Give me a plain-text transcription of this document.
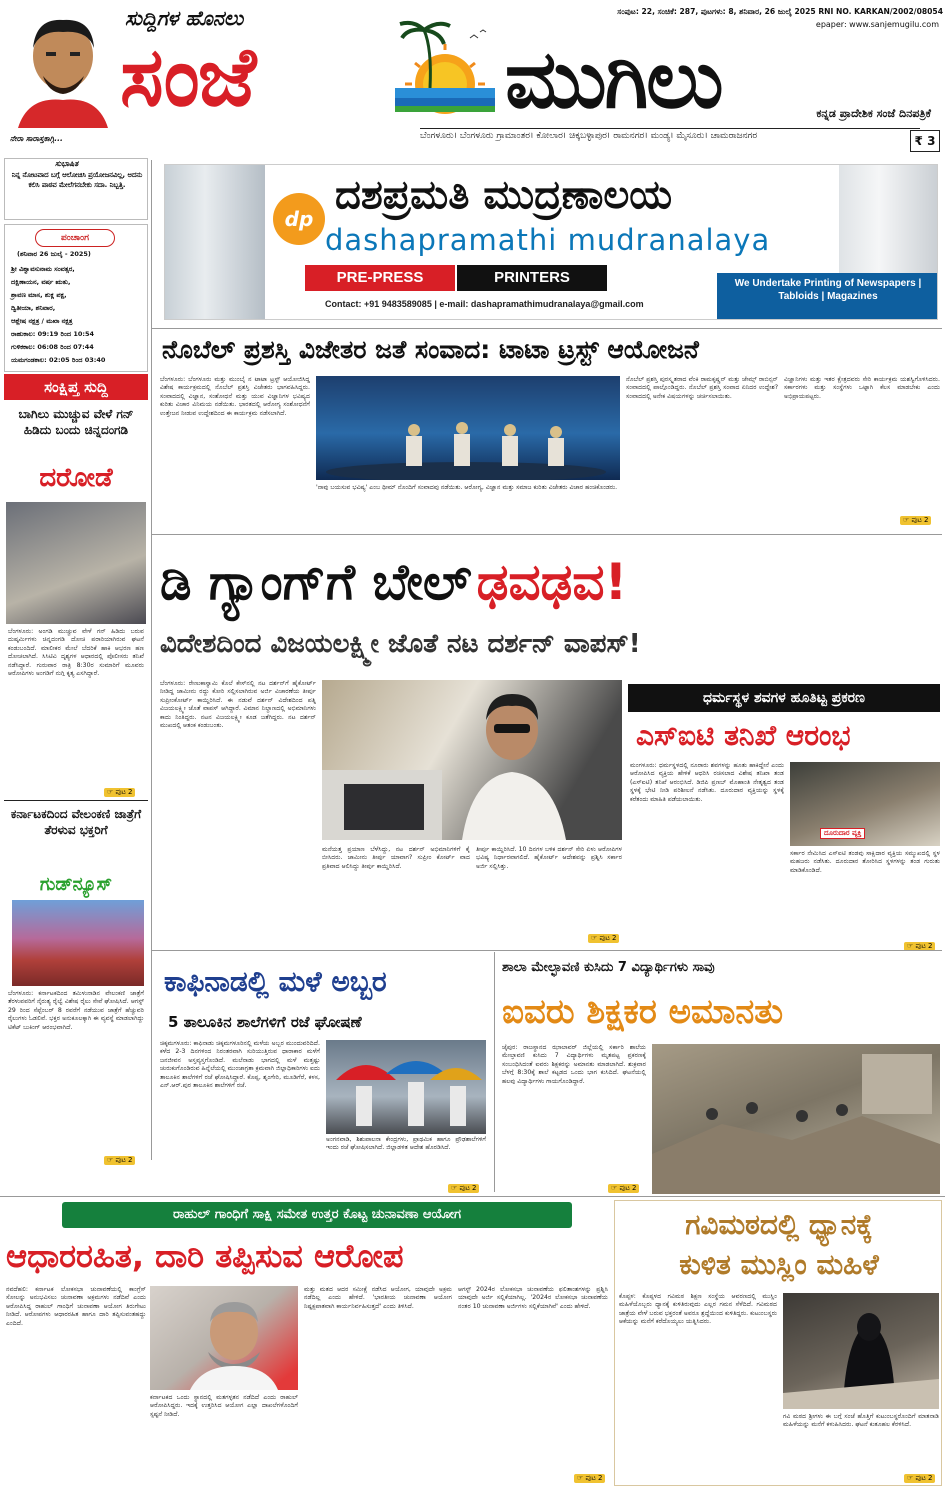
ನೇರಾ ಸಾರಾಸ್ತಕಾಗ್ಗಿ...
ಸುದ್ದಿಗಳ ಹೊನಲು
ಸಂಜೆ	ಮುಗಿಲು
ಸಂಪುಟ: 22, ಸಂಚಿಕೆ: 287, ಪುಟಗಳು: 8, ಶನಿವಾರ, 26 ಜುಲೈ 2025 RNI NO. KARKAN/2002/08054
epaper: www.sanjemugilu.com
ಕನ್ನಡ ಪ್ರಾದೇಶಿಕ ಸಂಜೆ ದಿನಪತ್ರಿಕೆ
ಬೆಂಗಳೂರು। ಬೆಂಗಳೂರು ಗ್ರಾಮಾಂತರ। ಕೋಲಾರ। ಚಿಕ್ಕಬಳ್ಳಾಪುರ। ರಾಮನಗರ। ಮಂಡ್ಯ। ಮೈಸೂರು। ಚಾಮರಾಜನಗರ	₹ 3
ಸುಭಾಷಿತ
ನಿನ್ನ ನೋಟವಾದ ಬಗ್ಗೆ ಆಲೋಚಿಸಿ ಪ್ರಯೋಜನವಿಲ್ಲ, ಅದನು ಕಲಿಸಿ ಪಾಠವ ಮೇಲೆಗನಬೇಕು ಸದಾ. ನಿಬ್ಬತ್ತಿ.
ಪಂಚಾಂಗ
(ಶನಿವಾರ 26 ಜುಲೈ - 2025)
ಶ್ರೀ ವಿಶ್ವಾವಸುನಾಮ ಸಂವತ್ಸರ,
ದಕ್ಷಿಣಾಯನ, ವರ್ಷ ಋತು,
ಶ್ರಾವಣ ಮಾಸ, ಶುಕ್ಲ ಪಕ್ಷ,
ದ್ವಿತೀಯಾ, ಶನಿವಾರ,
ಆಶ್ಲೇಷ ನಕ್ಷತ್ರ / ಮಖಾ ನಕ್ಷತ್ರ
ರಾಹುಕಾಲ: 09:19 ರಿಂದ 10:54
ಗುಳಿಕಕಾಲ: 06:08 ರಿಂದ 07:44
ಯಮಗಂಡಕಾಲ: 02:05 ರಿಂದ 03:40
ಸಂಕ್ಷಿಪ್ತ ಸುದ್ದಿ
ಬಾಗಿಲು ಮುಚ್ಚುವ ವೇಳೆ ಗನ್ ಹಿಡಿದು ಬಂದು ಚಿನ್ನದಂಗಡಿ
ದರೋಡೆ
ಬೆಂಗಳೂರು: ಅಂಗಡಿ ಮುಚ್ಚುವ ವೇಳೆ ಗನ್ ಹಿಡಿದು ಬರುವ ದುಷ್ಕರ್ಮಿಗಳು ಚಿನ್ನದಂಗಡಿ ದೋಚಿ ಪರಾರಿಯಾಗಿರುವ ಘಟನೆ ಕಂಡುಬಂದಿದೆ. ಮಾಲೀಕರ ಮೇಲೆ ಬೆದರಿಕೆ ಹಾಕಿ ಆಭರಣ ಹಣ ದೋಚಲಾಗಿದೆ. ಸಿಸಿಟಿವಿ ದೃಶ್ಯಗಳ ಆಧಾರದಲ್ಲಿ ಪೊಲೀಸರು ತನಿಖೆ ನಡೆಸಿದ್ದಾರೆ. ಗುರುವಾರ ರಾತ್ರಿ 8:30ರ ಸುಮಾರಿಗೆ ಮೂವರು ಆರೋಪಿಗಳು ಅಂಗಡಿಗೆ ನುಗ್ಗಿ ಕೃತ್ಯ ಎಸಗಿದ್ದಾರೆ.
☞ ಪುಟ 2
ಕರ್ನಾಟಕದಿಂದ ವೇಲಂಕಣಿ ಜಾತ್ರೆಗೆ ತೆರಳುವ ಭಕ್ತರಿಗೆ
ಗುಡ್‌ನ್ಯೂಸ್
ಬೆಂಗಳೂರು: ಕರ್ನಾಟಕದಿಂದ ತಮಿಳುನಾಡಿನ ವೇಲಂಕಣಿ ಜಾತ್ರೆಗೆ ತೆರಳುವವರಿಗೆ ನೈರುತ್ಯ ರೈಲ್ವೆ ವಿಶೇಷ ರೈಲು ಸೇವೆ ಘೋಷಿಸಿದೆ. ಆಗಸ್ಟ್ 29 ರಿಂದ ಸೆಪ್ಟೆಂಬರ್ 8 ರವರೆಗೆ ನಡೆಯುವ ಜಾತ್ರೆಗೆ ಹೆಚ್ಚುವರಿ ರೈಲುಗಳು ಓಡಲಿವೆ. ಭಕ್ತರ ಅನುಕೂಲಕ್ಕಾಗಿ ಈ ವ್ಯವಸ್ಥೆ ಮಾಡಲಾಗಿದ್ದು ಟಿಕೆಟ್ ಬುಕಿಂಗ್ ಆರಂಭವಾಗಿದೆ.
☞ ಪುಟ 2
dp
ದಶಪ್ರಮತಿ ಮುದ್ರಣಾಲಯ
dashapramathi mudranalaya
PRE-PRESS	PRINTERS	We Undertake Printing of Newspapers | Tabloids | Magazines
Contact: +91 9483589085 | e-mail: dashapramathimudranalaya@gmail.com
ನೊಬೆಲ್ ಪ್ರಶಸ್ತಿ ವಿಜೇತರ ಜತೆ ಸಂವಾದ: ಟಾಟಾ ಟ್ರಸ್ಟ್ ಆಯೋಜನೆ
ಬೆಂಗಳೂರು: ಬೆಂಗಳೂರು ಮತ್ತು ಮುಂಬೈ ನ ಟಾಟಾ ಟ್ರಸ್ಟ್ ಆಯೋಜಿಸಿದ್ದ ವಿಶೇಷ ಕಾರ್ಯಕ್ರಮದಲ್ಲಿ ನೊಬೆಲ್ ಪ್ರಶಸ್ತಿ ವಿಜೇತರು ಭಾಗವಹಿಸಿದ್ದರು. ಸಂವಾದದಲ್ಲಿ ವಿಜ್ಞಾನ, ಸಂಶೋಧನೆ ಮತ್ತು ಯುವ ವಿಜ್ಞಾನಿಗಳ ಭವಿಷ್ಯದ ಕುರಿತು ವಿಚಾರ ವಿನಿಮಯ ನಡೆಯಿತು. ಭಾರತದಲ್ಲಿ ಆರೋಗ್ಯ ಸಂಶೋಧನೆಗೆ ಉತ್ತೇಜನ ನೀಡುವ ಉದ್ದೇಶದಿಂದ ಈ ಕಾರ್ಯಕ್ರಮ ನಡೆಸಲಾಗಿದೆ.
'ನಾವು ಬಯಸುವ ಭವಿಷ್ಯ' ಎಂಬ ಥೀಮ್ ನೊಂದಿಗೆ ಸಂವಾದವು ನಡೆಯಿತು. ಆರೋಗ್ಯ, ವಿಜ್ಞಾನ ಮತ್ತು ಸಮಾಜ ಕುರಿತು ವಿಜೇತರು ವಿಚಾರ ಹಂಚಿಕೊಂಡರು.
ನೊಬೆಲ್ ಪ್ರಶಸ್ತಿ ಪುರಸ್ಕೃತರಾದ ವೆಂಕಿ ರಾಮಕೃಷ್ಣನ್ ಮತ್ತು ಜೇಮ್ಸ್ ರಾಬಿನ್ಸನ್ ಸಂವಾದದಲ್ಲಿ ಪಾಲ್ಗೊಂಡಿದ್ದರು. ನೊಬೆಲ್ ಪ್ರಶಸ್ತಿ ಸಂವಾದ ಏನಿದರ ಉದ್ದೇಶ? ಸಂವಾದದಲ್ಲಿ ಅನೇಕ ವಿಷಯಗಳನ್ನು ಚರ್ಚಿಸಲಾಯಿತು.
ವಿಜ್ಞಾನಿಗಳು ಮತ್ತು ಇತರ ಕ್ಷೇತ್ರದವರು ಸೇರಿ ಕಾರ್ಯಕ್ರಮ ಯಶಸ್ವಿಗೊಳಿಸಿದರು. ಸರ್ಕಾರಗಳು ಮತ್ತು ಸಂಸ್ಥೆಗಳು ಒಟ್ಟಾಗಿ ಕೆಲಸ ಮಾಡಬೇಕು ಎಂದು ಅಭಿಪ್ರಾಯಪಟ್ಟರು.
☞ ಪುಟ 2
ಡಿ ಗ್ಯಾಂಗ್‌ಗೆ ಬೇಲ್ ಢವಢವ!
ವಿದೇಶದಿಂದ ವಿಜಯಲಕ್ಷ್ಮೀ ಜೊತೆ ನಟ ದರ್ಶನ್ ವಾಪಸ್!
ಬೆಂಗಳೂರು: ರೇಣುಕಾಸ್ವಾಮಿ ಕೊಲೆ ಕೇಸ್‌ನಲ್ಲಿ ನಟ ದರ್ಶನ್‌ಗೆ ಹೈಕೋರ್ಟ್ ನೀಡಿದ್ದ ಜಾಮೀನು ರದ್ದು ಕೋರಿ ಸಲ್ಲಿಸಲಾಗಿರುವ ಅರ್ಜಿ ವಿಚಾರಣೆಯ ತೀರ್ಪು ಸುಪ್ರೀಂಕೋರ್ಟ್ ಕಾಯ್ದಿರಿಸಿದೆ. ಈ ನಡುವೆ ದರ್ಶನ್ ವಿದೇಶದಿಂದ ಪತ್ನಿ ವಿಜಯಲಕ್ಷ್ಮೀ ಜೊತೆ ವಾಪಸ್ ಆಗಿದ್ದಾರೆ. ವಿಮಾನ ನಿಲ್ದಾಣದಲ್ಲಿ ಅಭಿಮಾನಿಗಳು ಕಾದು ನಿಂತಿದ್ದರು. ನಟನ ವಿಜಯಲಕ್ಷ್ಮೀ ಕೂಡ ಜತೆಗಿದ್ದರು. ನಟ ದರ್ಶನ್ ಮುಖದಲ್ಲಿ ಆತಂಕ ಕಂಡುಬಂತು.
ಮನೆಯತ್ತ ಪ್ರಯಾಣ ಬೆಳೆಸಿದ್ದು, ನಟ ದರ್ಶನ್ ಅಭಿಮಾನಿಗಳಿಗೆ ಕೈ ಬೀಸಿದರು. ಜಾಮೀನು ತೀರ್ಪು ಯಾವಾಗ? ಸುಪ್ರೀಂ ಕೋರ್ಟ್ ವಾದ ಪ್ರತಿವಾದ ಆಲಿಸಿದ್ದು ತೀರ್ಪು ಕಾಯ್ದಿರಿಸಿದೆ.
ತೀರ್ಪು ಕಾಯ್ದಿರಿಸಿದೆ. 10 ದಿನಗಳ ಬಳಿಕ ದರ್ಶನ್ ಸೇರಿ ಏಳು ಆರೋಪಿಗಳ ಭವಿಷ್ಯ ನಿರ್ಧಾರವಾಗಲಿದೆ. ಹೈಕೋರ್ಟ್ ಆದೇಶವನ್ನು ಪ್ರಶ್ನಿಸಿ ಸರ್ಕಾರ ಅರ್ಜಿ ಸಲ್ಲಿಸಿತ್ತು.
☞ ಪುಟ 2
ಧರ್ಮಸ್ಥಳ ಶವಗಳ ಹೂತಿಟ್ಟ ಪ್ರಕರಣ
ಎಸ್‌ಐಟಿ ತನಿಖೆ ಆರಂಭ
ಮಂಗಳೂರು: ಧರ್ಮಸ್ಥಳದಲ್ಲಿ ನೂರಾರು ಶವಗಳನ್ನು ಹೂತು ಹಾಕಿದ್ದೇನೆ ಎಂದು ಆರೋಪಿಸಿದ ವ್ಯಕ್ತಿಯ ಹೇಳಿಕೆ ಆಧರಿಸಿ ರಚಿಸಲಾದ ವಿಶೇಷ ತನಿಖಾ ತಂಡ (ಎಸ್‌ಐಟಿ) ತನಿಖೆ ಆರಂಭಿಸಿದೆ. ಡಿಜಿಪಿ ಪ್ರಣಬ್ ಮೊಹಾಂತಿ ನೇತೃತ್ವದ ತಂಡ ಸ್ಥಳಕ್ಕೆ ಭೇಟಿ ನೀಡಿ ಪರಿಶೀಲನೆ ನಡೆಸಿತು. ದೂರುದಾರ ವ್ಯಕ್ತಿಯನ್ನು ಸ್ಥಳಕ್ಕೆ ಕರೆತಂದು ಮಾಹಿತಿ ಪಡೆಯಲಾಯಿತು.
ದೂರುದಾರ ವ್ಯಕ್ತಿ
ಸರ್ಕಾರ ನೇಮಿಸಿದ ಎಸ್‌ಐಟಿ ತಂಡವು ಸಾಕ್ಷಿದಾರ ವ್ಯಕ್ತಿಯ ಸಮ್ಮುಖದಲ್ಲಿ ಸ್ಥಳ ಮಹಜರು ನಡೆಸಿತು. ದೂರುದಾರ ತೋರಿಸಿದ ಸ್ಥಳಗಳನ್ನು ತಂಡ ಗುರುತು ಮಾಡಿಕೊಂಡಿದೆ.
☞ ಪುಟ 2
ಕಾಫಿನಾಡಲ್ಲಿ ಮಳೆ ಅಬ್ಬರ
5 ತಾಲೂಕಿನ ಶಾಲೆಗಳಿಗೆ ರಜೆ ಘೋಷಣೆ
ಚಿಕ್ಕಮಗಳೂರು: ಕಾಫಿನಾಡು ಚಿಕ್ಕಮಗಳೂರಿನಲ್ಲಿ ಮಳೆಯ ಅಬ್ಬರ ಮುಂದುವರಿದಿದೆ. ಕಳೆದ 2-3 ದಿನಗಳಿಂದ ನಿರಂತರವಾಗಿ ಸುರಿಯುತ್ತಿರುವ ಧಾರಾಕಾರ ಮಳೆಗೆ ಜನಜೀವನ ಅಸ್ತವ್ಯಸ್ತಗೊಂಡಿದೆ. ಮಲೆನಾಡು ಭಾಗದಲ್ಲಿ ಮಳೆ ಮತ್ತಷ್ಟು ಚುರುಕುಗೊಂಡಿರುವ ಹಿನ್ನೆಲೆಯಲ್ಲಿ ಮುಂಜಾಗ್ರತಾ ಕ್ರಮವಾಗಿ ಜಿಲ್ಲಾಧಿಕಾರಿಗಳು ಐದು ತಾಲೂಕಿನ ಶಾಲೆಗಳಿಗೆ ರಜೆ ಘೋಷಿಸಿದ್ದಾರೆ. ಕೊಪ್ಪ, ಶೃಂಗೇರಿ, ಮೂಡಿಗೆರೆ, ಕಳಸ, ಎನ್.ಆರ್.ಪುರ ತಾಲೂಕಿನ ಶಾಲೆಗಳಿಗೆ ರಜೆ.
ಅಂಗನವಾಡಿ, ಶಿಶುಪಾಲನಾ ಕೇಂದ್ರಗಳು, ಪ್ರಾಥಮಿಕ ಹಾಗೂ ಪ್ರೌಢಶಾಲೆಗಳಿಗೆ ಇಂದು ರಜೆ ಘೋಷಿಸಲಾಗಿದೆ. ಜಿಲ್ಲಾಡಳಿತ ಆದೇಶ ಹೊರಡಿಸಿದೆ.
☞ ಪುಟ 2
ಶಾಲಾ ಮೇಲ್ಛಾವಣಿ ಕುಸಿದು 7 ವಿದ್ಯಾರ್ಥಿಗಳು ಸಾವು
ಐವರು ಶಿಕ್ಷಕರ ಅಮಾನತು
ಜೈಪುರ: ರಾಜಸ್ಥಾನದ ಝಾಲಾವರ್ ಜಿಲ್ಲೆಯಲ್ಲಿ ಸರ್ಕಾರಿ ಶಾಲೆಯ ಮೇಲ್ಛಾವಣಿ ಕುಸಿದು 7 ವಿದ್ಯಾರ್ಥಿಗಳು ಮೃತಪಟ್ಟ ಪ್ರಕರಣಕ್ಕೆ ಸಂಬಂಧಿಸಿದಂತೆ ಐವರು ಶಿಕ್ಷಕರನ್ನು ಅಮಾನತು ಮಾಡಲಾಗಿದೆ. ಶುಕ್ರವಾರ ಬೆಳಗ್ಗೆ 8:30ಕ್ಕೆ ಶಾಲೆ ಕಟ್ಟಡದ ಒಂದು ಭಾಗ ಕುಸಿದಿದೆ. ಘಟನೆಯಲ್ಲಿ ಹಲವು ವಿದ್ಯಾರ್ಥಿಗಳು ಗಾಯಗೊಂಡಿದ್ದಾರೆ.
☞ ಪುಟ 2
ರಾಹುಲ್ ಗಾಂಧಿಗೆ ಸಾಕ್ಷಿ ಸಮೇತ ಉತ್ತರ ಕೊಟ್ಟ ಚುನಾವಣಾ ಆಯೋಗ
ಆಧಾರರಹಿತ, ದಾರಿ ತಪ್ಪಿಸುವ ಆರೋಪ
ನವದೆಹಲಿ: ಕರ್ನಾಟಕ ಲೋಕಸಭಾ ಚುನಾವಣೆಯಲ್ಲಿ ಕಾಂಗ್ರೆಸ್ ಸೋಲನ್ನು ಅನುಭವಿಸಲು ಚುನಾವಣಾ ಅಕ್ರಮಗಳು ನಡೆದಿವೆ ಎಂದು ಆರೋಪಿಸಿದ್ದ ರಾಹುಲ್ ಗಾಂಧಿಗೆ ಚುನಾವಣಾ ಆಯೋಗ ತಿರುಗೇಟು ನೀಡಿದೆ. ಆರೋಪಗಳು ಆಧಾರರಹಿತ ಹಾಗೂ ದಾರಿ ತಪ್ಪಿಸುವಂತಹದ್ದು ಎಂದಿದೆ.
ಕರ್ನಾಟಕದ ಒಂದು ಸ್ಥಾನದಲ್ಲಿ ಮತಗಳ್ಳತನ ನಡೆದಿದೆ ಎಂದು ರಾಹುಲ್ ಆರೋಪಿಸಿದ್ದರು. ಇದಕ್ಕೆ ಉತ್ತರಿಸಿದ ಆಯೋಗ ಎಲ್ಲಾ ದಾಖಲೆಗಳೊಂದಿಗೆ ಸ್ಪಷ್ಟನೆ ನೀಡಿದೆ.
ಮತ್ತು ಮತದ ಆದರ ಸಮೀಕ್ಷೆ ನಡೆಸಿದ ಆಯೋಗ, ಯಾವುದೇ ಅಕ್ರಮ ನಡೆದಿಲ್ಲ ಎಂದು ಹೇಳಿದೆ. 'ಭಾರತೀಯ ಚುನಾವಣಾ ಆಯೋಗ ನಿಷ್ಪಕ್ಷಪಾತವಾಗಿ ಕಾರ್ಯನಿರ್ವಹಿಸುತ್ತದೆ' ಎಂದು ತಿಳಿಸಿದೆ.
ಆಗಸ್ಟ್ 2024ರ ಲೋಕಸಭಾ ಚುನಾವಣೆಯ ಫಲಿತಾಂಶಗಳನ್ನು ಪ್ರಶ್ನಿಸಿ ಯಾವುದೇ ಅರ್ಜಿ ಸಲ್ಲಿಕೆಯಾಗಿಲ್ಲ. '2024ರ ಲೋಕಸಭಾ ಚುನಾವಣೆಯ ನಂತರ 10 ಚುನಾವಣಾ ಅರ್ಜಿಗಳು ಸಲ್ಲಿಕೆಯಾಗಿವೆ' ಎಂದು ಹೇಳಿದೆ.
☞ ಪುಟ 2
ಗವಿಮಠದಲ್ಲಿ ಧ್ಯಾನಕ್ಕೆ
ಕುಳಿತ ಮುಸ್ಲಿಂ ಮಹಿಳೆ
ಕೊಪ್ಪಳ: ಕೊಪ್ಪಳದ ಗವಿಮಠ ಶಿಕ್ಷಣ ಸಂಸ್ಥೆಯ ಆವರಣದಲ್ಲಿ ಮುಸ್ಲಿಂ ಮಹಿಳೆಯೊಬ್ಬರು ಧ್ಯಾನಕ್ಕೆ ಕುಳಿತಿರುವುದು ಎಲ್ಲರ ಗಮನ ಸೆಳೆದಿದೆ. ಗವಿಮಠದ ಜಾತ್ರೆಯ ವೇಳೆ ಬರುವ ಭಕ್ತರಂತೆ ಅವರೂ ಶ್ರದ್ಧೆಯಿಂದ ಕುಳಿತಿದ್ದರು. ಕುಟುಂಬಸ್ಥರು ಆಕೆಯನ್ನು ಮನೆಗೆ ಕರೆದೊಯ್ಯಲು ಯತ್ನಿಸಿದರು.
ಗವಿ ಮಠದ ಶ್ರೀಗಳು ಈ ಬಗ್ಗೆ ಸಂಜೆ ಹೊತ್ತಿಗೆ ಕುಟುಂಬಸ್ಥರೊಂದಿಗೆ ಮಾತನಾಡಿ ಮಹಿಳೆಯನ್ನು ಮನೆಗೆ ಕಳುಹಿಸಿದರು. ಘಟನೆ ಕುತೂಹಲ ಕೆರಳಿಸಿದೆ.
☞ ಪುಟ 2
